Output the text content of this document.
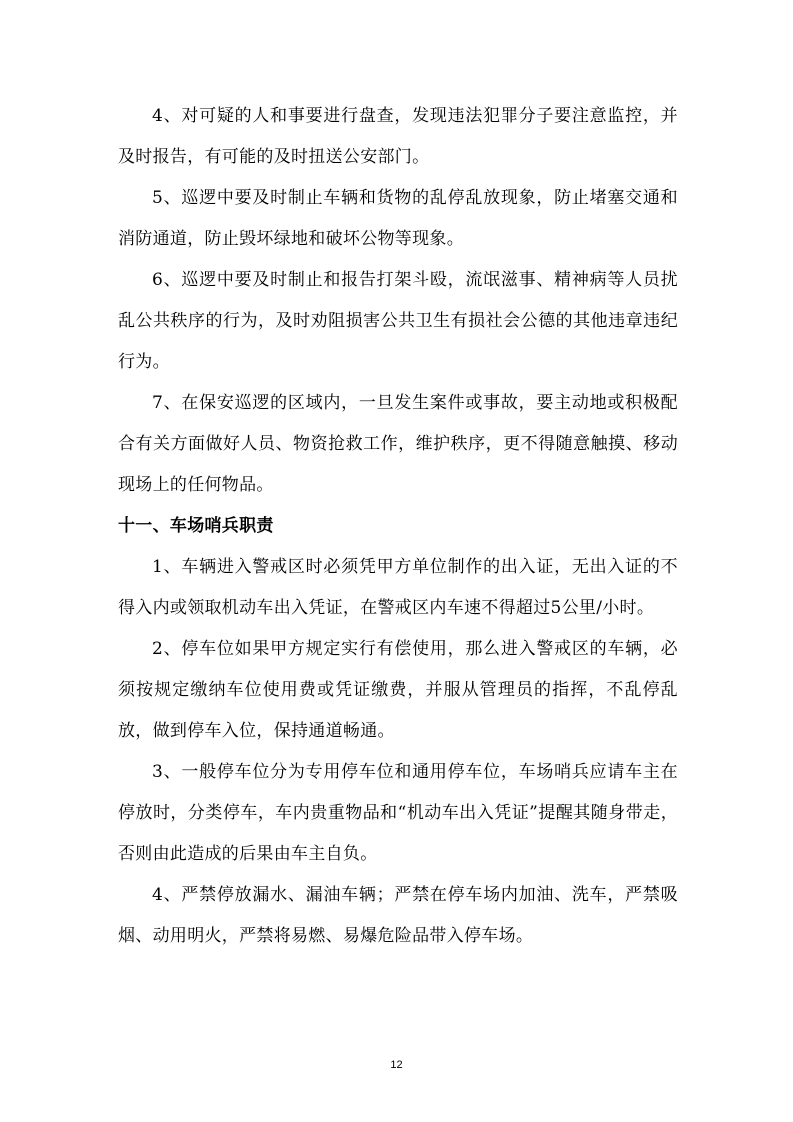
4、对可疑的人和事要进行盘查，发现违法犯罪分子要注意监控，并及时报告，有可能的及时扭送公安部门。

5、巡逻中要及时制止车辆和货物的乱停乱放现象，防止堵塞交通和消防通道，防止毁坏绿地和破坏公物等现象。

6、巡逻中要及时制止和报告打架斗殴，流氓滋事、精神病等人员扰乱公共秩序的行为，及时劝阻损害公共卫生有损社会公德的其他违章违纪行为。

7、在保安巡逻的区域内，一旦发生案件或事故，要主动地或积极配合有关方面做好人员、物资抢救工作，维护秩序，更不得随意触摸、移动现场上的任何物品。

十一、车场哨兵职责

1、车辆进入警戒区时必须凭甲方单位制作的出入证，无出入证的不得入内或领取机动车出入凭证，在警戒区内车速不得超过5公里/小时。

2、停车位如果甲方规定实行有偿使用，那么进入警戒区的车辆，必须按规定缴纳车位使用费或凭证缴费，并服从管理员的指挥，不乱停乱放，做到停车入位，保持通道畅通。

3、一般停车位分为专用停车位和通用停车位，车场哨兵应请车主在停放时，分类停车，车内贵重物品和“机动车出入凭证”提醒其随身带走，否则由此造成的后果由车主自负。

4、严禁停放漏水、漏油车辆；严禁在停车场内加油、洗车，严禁吸烟、动用明火，严禁将易燃、易爆危险品带入停车场。

12
